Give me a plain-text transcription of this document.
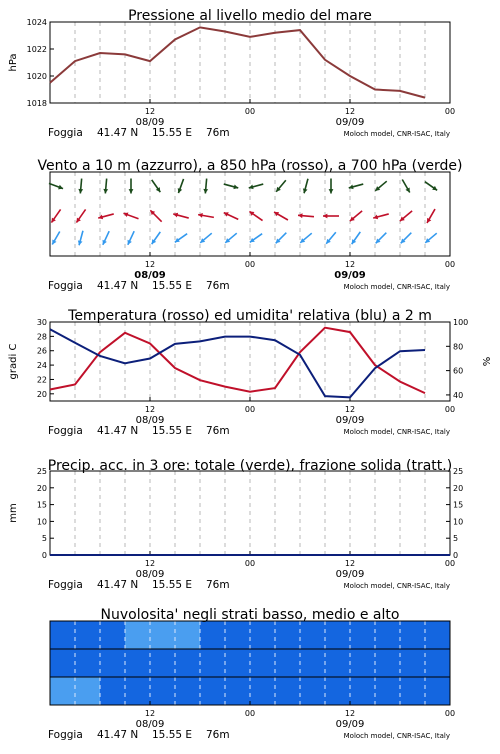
Pressione al livello medio del mare
12	00	12	00
08/09	09/09
Foggia 41.47 N 15.55 E 76m	Moloch model, CNR-ISAC, Italy
1018
1020
1022
1024
hPa
Vento a 10 m (azzurro), a 850 hPa (rosso), a 700 hPa (verde)
12	00	12	00
08/09	09/09
Foggia 41.47 N 15.55 E 76m	Moloch model, CNR-ISAC, Italy
Temperatura (rosso) ed umidita' relativa (blu) a 2 m
12	00	12	00
08/09	09/09
Foggia 41.47 N 15.55 E 76m	Moloch model, CNR-ISAC, Italy
20
22
24
26
28
30
40
60
80
100
gradi C	%
Precip. acc. in 3 ore: totale (verde), frazione solida (tratt.)
12	00	12	00
08/09	09/09
Foggia 41.47 N 15.55 E 76m	Moloch model, CNR-ISAC, Italy
0	0
5	5
10	10
15	15
20	20
25	25
mm
Nuvolosita' negli strati basso, medio e alto
12	00	12	00
08/09	09/09
Foggia 41.47 N 15.55 E 76m	Moloch model, CNR-ISAC, Italy
